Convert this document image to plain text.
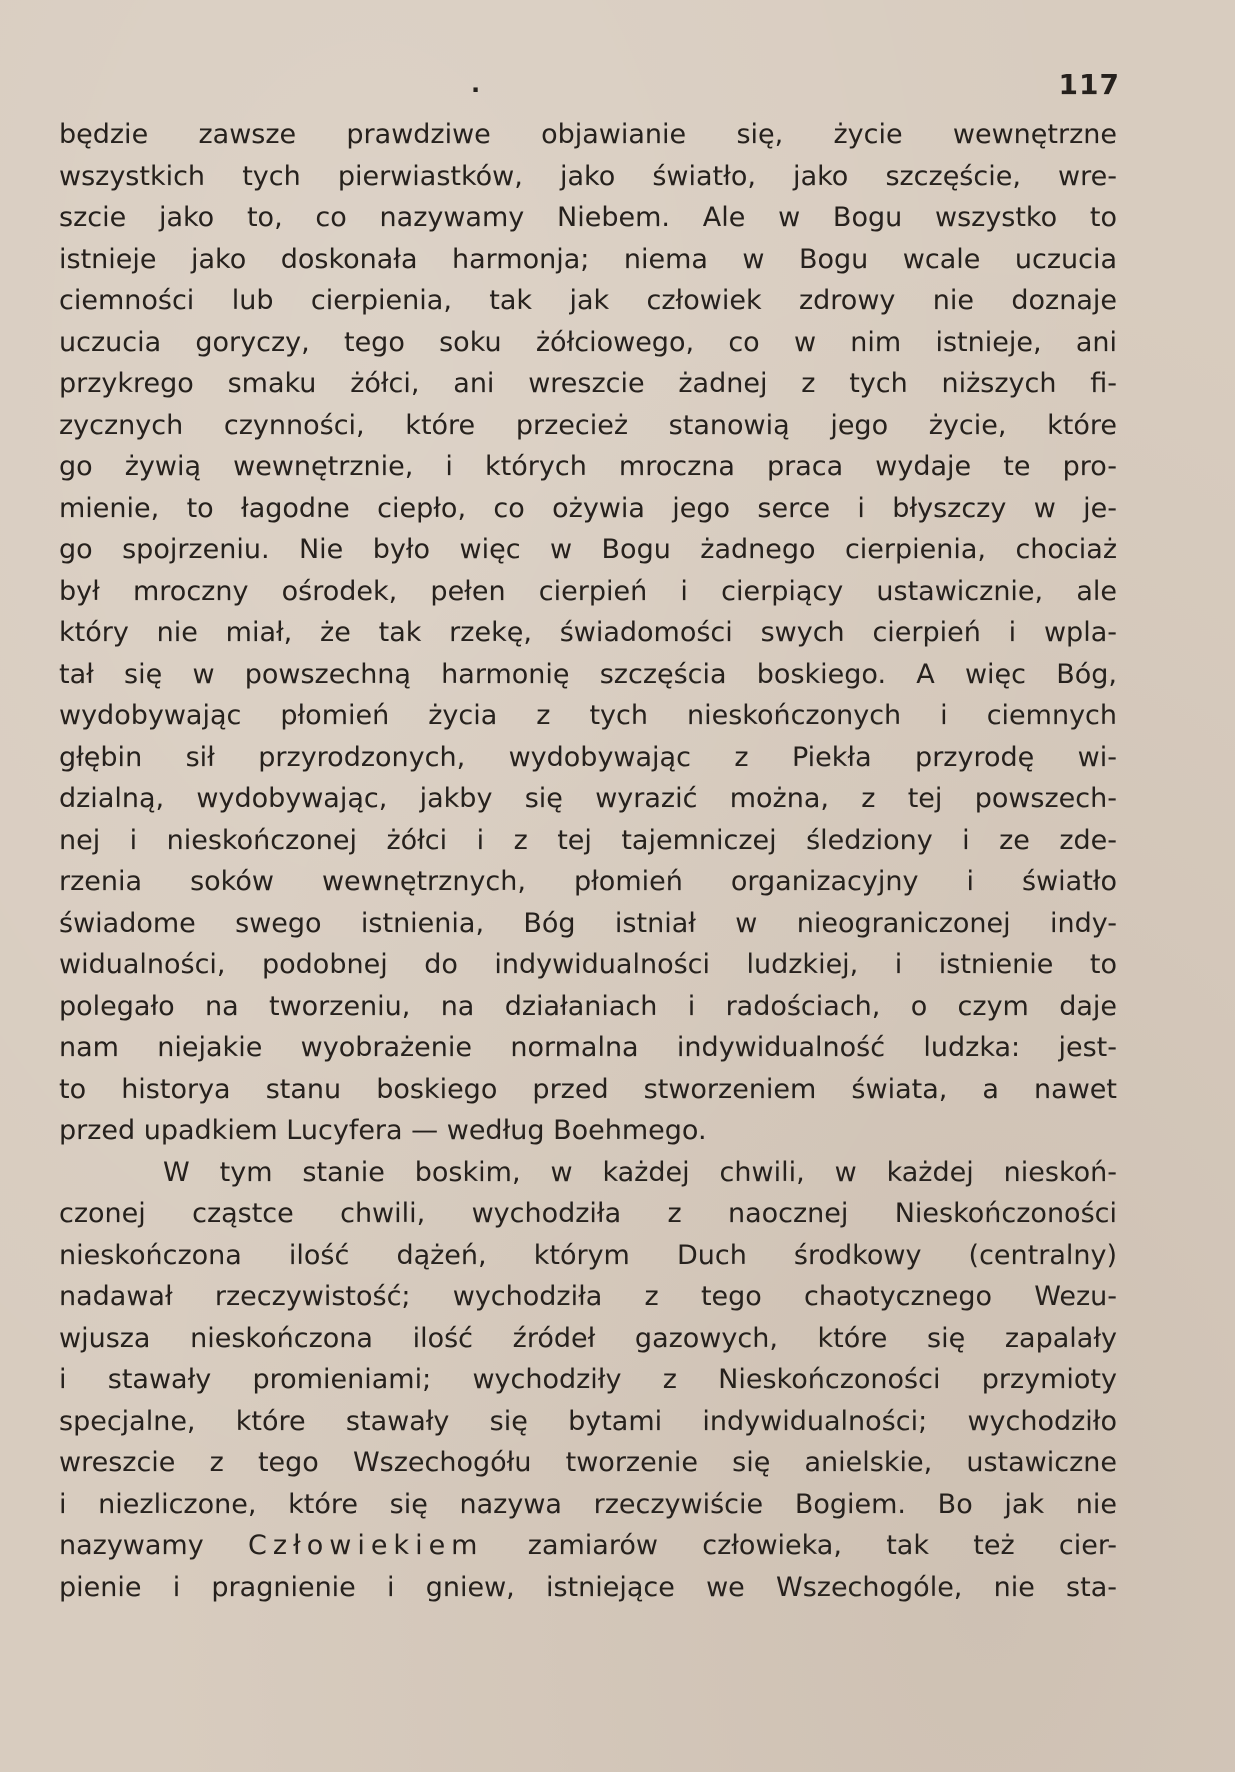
.	117
będzie zawsze prawdziwe objawianie się, życie wewnętrzne
wszystkich tych pierwiastków, jako światło, jako szczęście, wre-
szcie jako to, co nazywamy Niebem. Ale w Bogu wszystko to
istnieje jako doskonała harmonja; niema w Bogu wcale uczucia
ciemności lub cierpienia, tak jak człowiek zdrowy nie doznaje
uczucia goryczy, tego soku żółciowego, co w nim istnieje, ani
przykrego smaku żółci, ani wreszcie żadnej z tych niższych fi-
zycznych czynności, które przecież stanowią jego życie, które
go żywią wewnętrznie, i których mroczna praca wydaje te pro-
mienie, to łagodne ciepło, co ożywia jego serce i błyszczy w je-
go spojrzeniu. Nie było więc w Bogu żadnego cierpienia, chociaż
był mroczny ośrodek, pełen cierpień i cierpiący ustawicznie, ale
który nie miał, że tak rzekę, świadomości swych cierpień i wpla-
tał się w powszechną harmonię szczęścia boskiego. A więc Bóg,
wydobywając płomień życia z tych nieskończonych i ciemnych
głębin sił przyrodzonych, wydobywając z Piekła przyrodę wi-
dzialną, wydobywając, jakby się wyrazić można, z tej powszech-
nej i nieskończonej żółci i z tej tajemniczej śledziony i ze zde-
rzenia soków wewnętrznych, płomień organizacyjny i światło
świadome swego istnienia, Bóg istniał w nieograniczonej indy-
widualności, podobnej do indywidualności ludzkiej, i istnienie to
polegało na tworzeniu, na działaniach i radościach, o czym daje
nam niejakie wyobrażenie normalna indywidualność ludzka: jest-
to historya stanu boskiego przed stworzeniem świata, a nawet
przed upadkiem Lucyfera — według Boehmego.
W tym stanie boskim, w każdej chwili, w każdej nieskoń-
czonej cząstce chwili, wychodziła z naocznej Nieskończoności
nieskończona ilość dążeń, którym Duch środkowy (centralny)
nadawał rzeczywistość; wychodziła z tego chaotycznego Wezu-
wjusza nieskończona ilość źródeł gazowych, które się zapalały
i stawały promieniami; wychodziły z Nieskończoności przymioty
specjalne, które stawały się bytami indywidualności; wychodziło
wreszcie z tego Wszechogółu tworzenie się anielskie, ustawiczne
i niezliczone, które się nazywa rzeczywiście Bogiem. Bo jak nie
nazywamy Człowiekiem zamiarów człowieka, tak też cier-
pienie i pragnienie i gniew, istniejące we Wszechogóle, nie sta-
